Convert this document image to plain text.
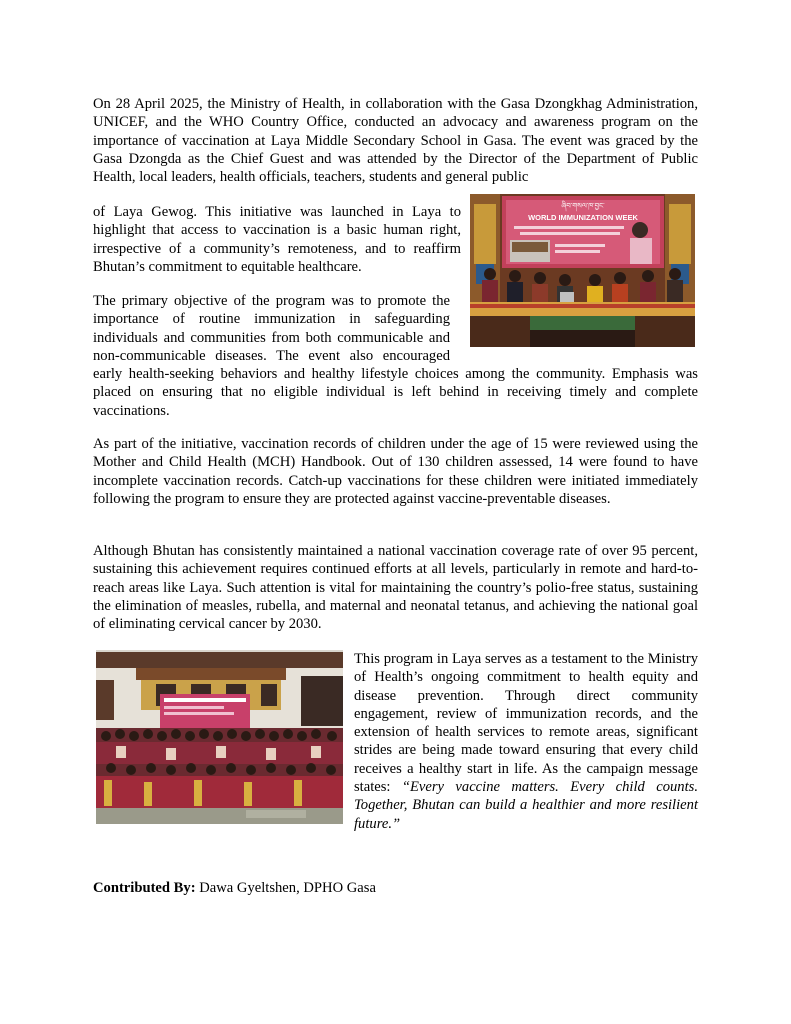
On 28 April 2025, the Ministry of Health, in collaboration with the Gasa Dzongkhag Administration, UNICEF, and the WHO Country Office, conducted an advocacy and awareness program on the importance of vaccination at Laya Middle Secondary School in Gasa. The event was graced by the Gasa Dzongda as the Chief Guest and was attended by the Director of the Department of Public Health, local leaders, health officials, teachers, students and general public

of Laya Gewog. This initiative was launched in Laya to highlight that access to vaccination is a basic human right, irrespective of a community’s remoteness, and to reaffirm Bhutan’s commitment to equitable healthcare.

ཞིབ་གསལ་ཁ་བྱང་
WORLD IMMUNIZATION WEEK

The primary objective of the program was to promote the importance of routine immunization in safeguarding individuals and communities from both communicable and non-communicable diseases. The event also encouraged early health-seeking behaviors and healthy lifestyle choices among the community. Emphasis was placed on ensuring that no eligible individual is left behind in receiving timely and complete vaccinations.

As part of the initiative, vaccination records of children under the age of 15 were reviewed using the Mother and Child Health (MCH) Handbook. Out of 130 children assessed, 14 were found to have incomplete vaccination records. Catch-up vaccinations for these children were initiated immediately following the program to ensure they are protected against vaccine-preventable diseases.

Although Bhutan has consistently maintained a national vaccination coverage rate of over 95 percent, sustaining this achievement requires continued efforts at all levels, particularly in remote and hard-to-reach areas like Laya. Such attention is vital for maintaining the country’s polio-free status, sustaining the elimination of measles, rubella, and maternal and neonatal tetanus, and achieving the national goal of eliminating cervical cancer by 2030.

This program in Laya serves as a testament to the Ministry of Health’s ongoing commitment to health equity and disease prevention. Through direct community engagement, review of immunization records, and the extension of health services to remote areas, significant strides are being made toward ensuring that every child receives a healthy start in life. As the campaign message states: “Every vaccine matters. Every child counts. Together, Bhutan can build a healthier and more resilient future.”

Contributed By: Dawa Gyeltshen, DPHO Gasa
